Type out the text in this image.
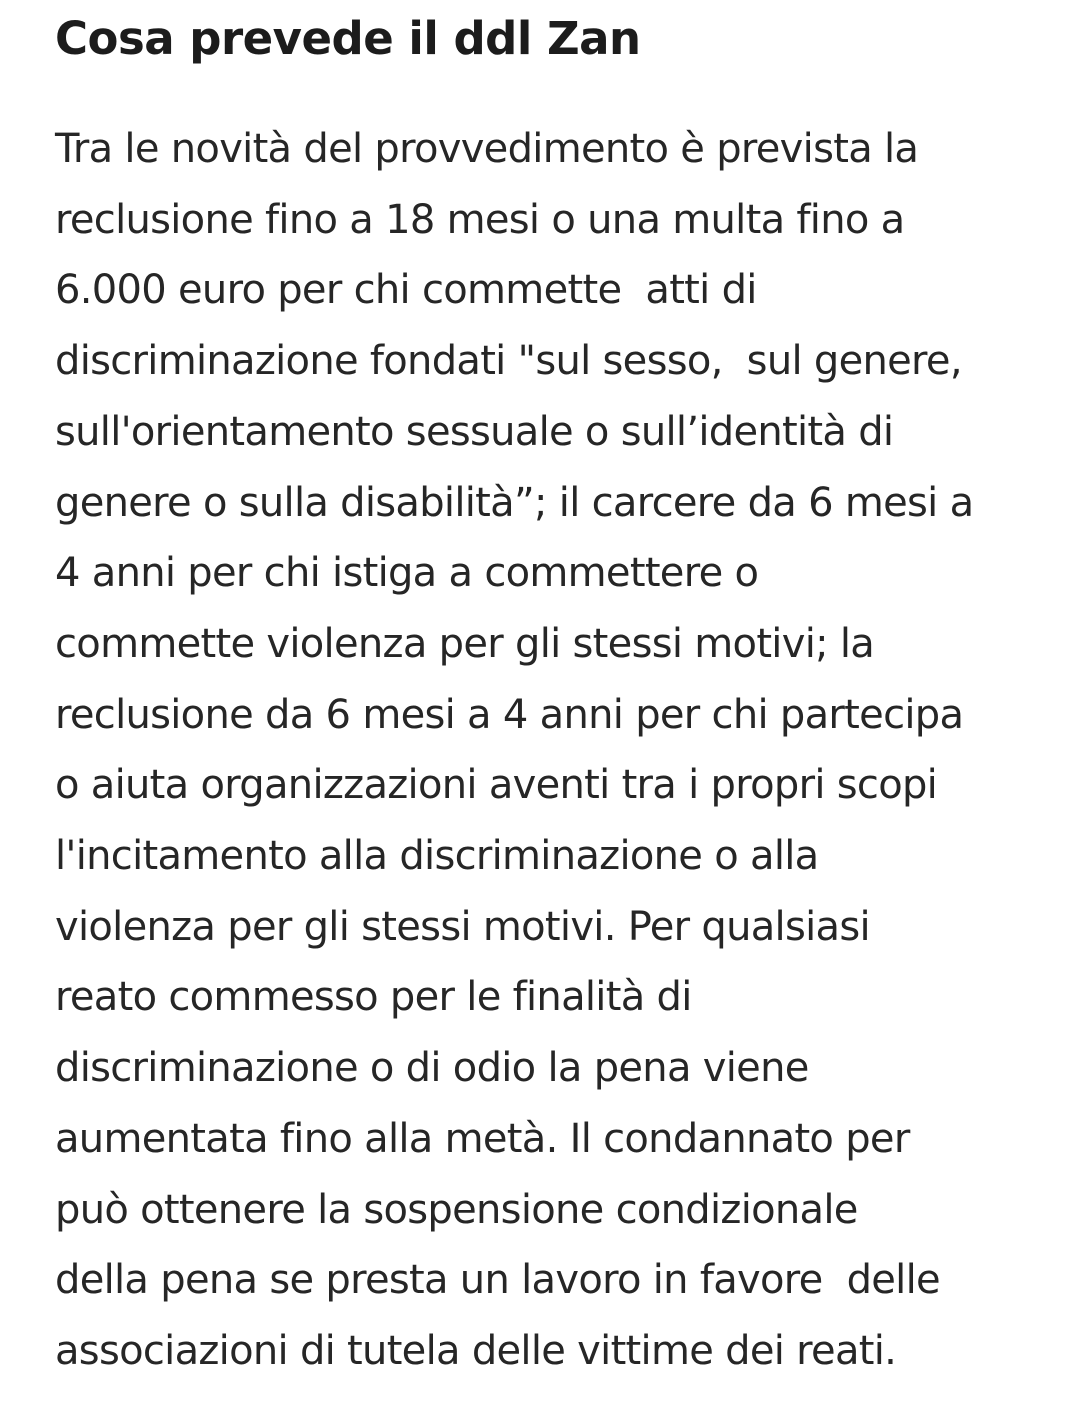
Cosa prevede il ddl Zan
Tra le novità del provvedimento è prevista la
reclusione fino a 18 mesi o una multa fino a
6.000 euro per chi commette  atti di
discriminazione fondati "sul sesso,  sul genere,
sull'orientamento sessuale o sull’identità di
genere o sulla disabilità”; il carcere da 6 mesi a
4 anni per chi istiga a commettere o
commette violenza per gli stessi motivi; la
reclusione da 6 mesi a 4 anni per chi partecipa
o aiuta organizzazioni aventi tra i propri scopi
l'incitamento alla discriminazione o alla
violenza per gli stessi motivi. Per qualsiasi
reato commesso per le finalità di
discriminazione o di odio la pena viene
aumentata fino alla metà. Il condannato per
può ottenere la sospensione condizionale
della pena se presta un lavoro in favore  delle
associazioni di tutela delle vittime dei reati.
